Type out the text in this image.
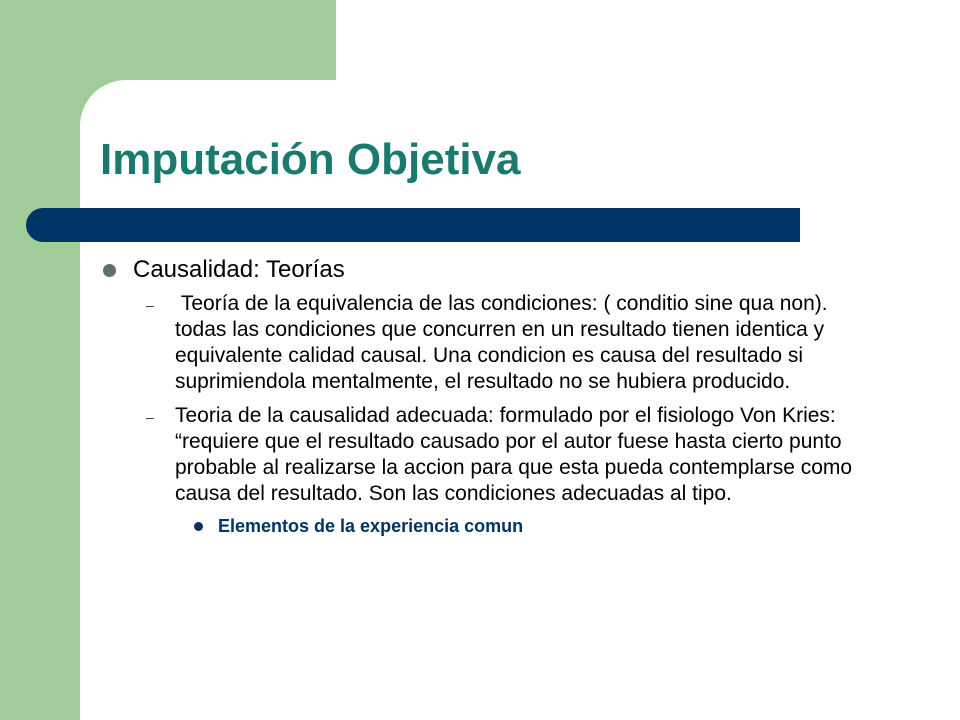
Imputación Objetiva
Causalidad: Teorías
– Teoría de la equivalencia de las condiciones: ( conditio sine qua non). todas las condiciones que concurren en un resultado tienen identica y equivalente calidad causal. Una condicion es causa del resultado si suprimiendola mentalmente, el resultado no se hubiera producido.
– Teoria de la causalidad adecuada: formulado por el fisiologo Von Kries: “requiere que el resultado causado por el autor fuese hasta cierto punto probable al realizarse la accion para que esta pueda contemplarse como causa del resultado. Son las condiciones adecuadas al tipo.
Elementos de la experiencia comun
